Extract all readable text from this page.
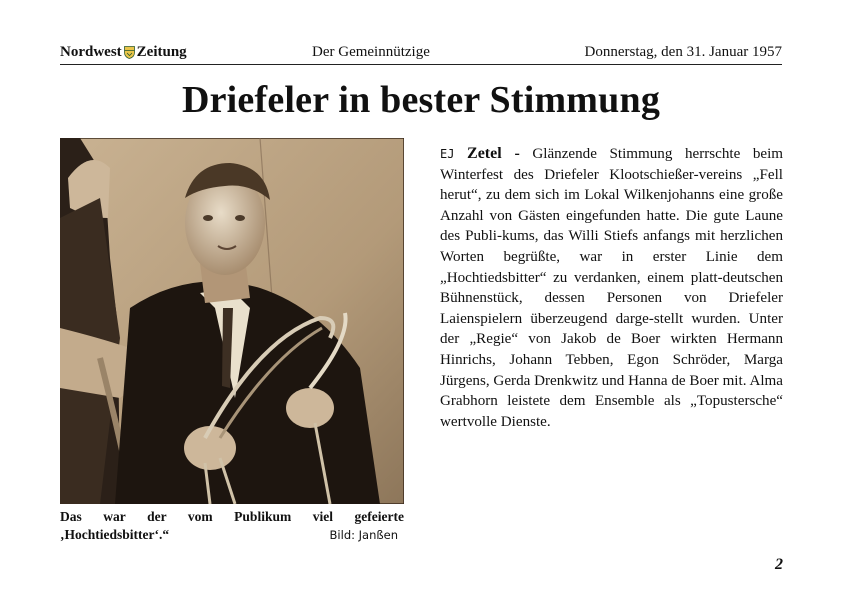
Nordwest Zeitung	Der Gemeinnützige	Donnerstag, den 31. Januar 1957
Driefeler in bester Stimmung
Das war der vom Publikum viel gefeierte
‚Hochtiedsbitter‘.“	Bild: Janßen
EJ Zetel - Glänzende Stimmung herrschte beim Winterfest des Driefeler Klootschießer-vereins „Fell herut“, zu dem sich im Lokal Wilkenjohanns eine große Anzahl von Gästen eingefunden hatte. Die gute Laune des Publi-kums, das Willi Stiefs anfangs mit herzlichen Worten begrüßte, war in erster Linie dem „Hochtiedsbitter“ zu verdanken, einem platt-deutschen Bühnenstück, dessen Personen von Driefeler Laienspielern überzeugend darge-stellt wurden. Unter der „Regie“ von Jakob de Boer wirkten Hermann Hinrichs, Johann Tebben, Egon Schröder, Marga Jürgens, Gerda Drenkwitz und Hanna de Boer mit. Alma Grabhorn leistete dem Ensemble als „Topustersche“ wertvolle Dienste.
2
